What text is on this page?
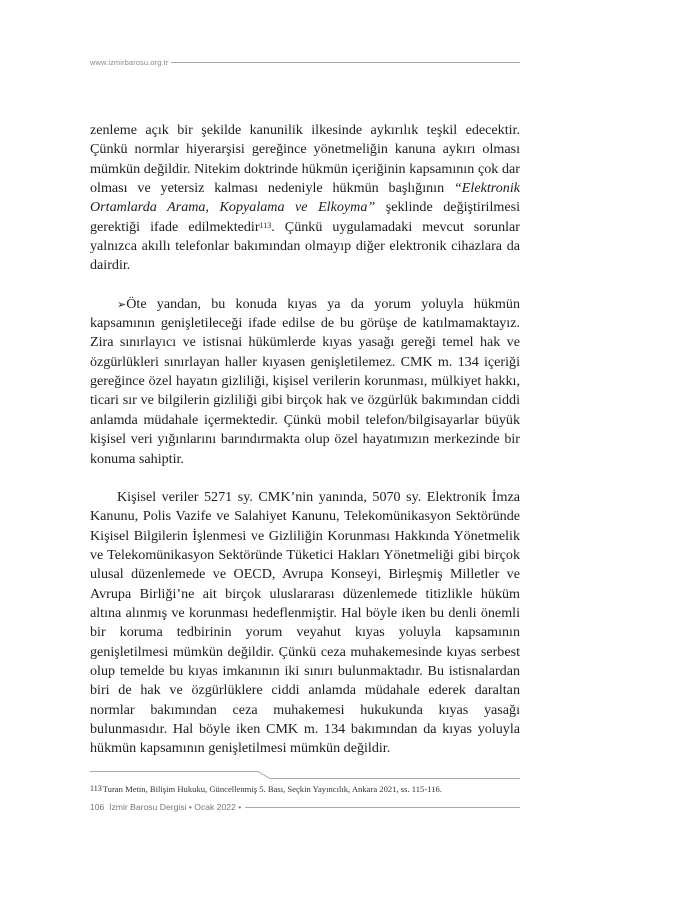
www.izmirbarosu.org.tr

zenleme açık bir şekilde kanunilik ilkesinde aykırılık teşkil edecektir. Çünkü normlar hiyerarşisi gereğince yönetmeliğin kanuna aykırı olması mümkün değildir. Nitekim doktrinde hükmün içeriğinin kapsamının çok dar olması ve yetersiz kalması nedeniyle hükmün başlığının “Elektronik Ortamlarda Arama, Kopyalama ve Elkoyma” şeklinde değiştirilmesi gerektiği ifade edilmektedir$^{113}$. Çünkü uygulamadaki mevcut sorunlar yalnızca akıllı telefonlar bakımından olmayıp diğer elektronik cihazlara da dairdir.

➢Öte yandan, bu konuda kıyas ya da yorum yoluyla hükmün kapsamının genişletileceği ifade edilse de bu görüşe de katılmamaktayız. Zira sınırlayıcı ve istisnai hükümlerde kıyas yasağı gereği temel hak ve özgürlükleri sınırlayan haller kıyasen genişletilemez. CMK m. 134 içeriği gereğince özel hayatın gizliliği, kişisel verilerin korunması, mülkiyet hakkı, ticari sır ve bilgilerin gizliliği gibi birçok hak ve özgürlük bakımından ciddi anlamda müdahale içermektedir. Çünkü mobil telefon/bilgisayarlar büyük kişisel veri yığınlarını barındırmakta olup özel hayatımızın merkezinde bir konuma sahiptir.

Kişisel veriler 5271 sy. CMK’nin yanında, 5070 sy. Elektronik İmza Kanunu, Polis Vazife ve Salahiyet Kanunu, Telekomünikasyon Sektöründe Kişisel Bilgilerin İşlenmesi ve Gizliliğin Korunması Hakkında Yönetmelik ve Telekomünikasyon Sektöründe Tüketici Hakları Yönetmeliği gibi birçok ulusal düzenlemede ve OECD, Avrupa Konseyi, Birleşmiş Milletler ve Avrupa Birliği’ne ait birçok uluslararası düzenlemede titizlikle hüküm altına alınmış ve korunması hedeflenmiştir. Hal böyle iken bu denli önemli bir koruma tedbirinin yorum veyahut kıyas yoluyla kapsamının genişletilmesi mümkün değildir. Çünkü ceza muhakemesinde kıyas serbest olup temelde bu kıyas imkanının iki sınırı bulunmaktadır. Bu istisnalardan biri de hak ve özgürlüklere ciddi anlamda müdahale ederek daraltan normlar bakımından ceza muhakemesi hukukunda kıyas yasağı bulunmasıdır. Hal böyle iken CMK m. 134 bakımından da kıyas yoluyla hükmün kapsamının genişletilmesi mümkün değildir.

113Turan Metin, Bilişim Hukuku, Güncellenmiş 5. Bası, Seçkin Yayıncılık, Ankara 2021, ss. 115-116.
106 İzmir Barosu Dergisi • Ocak 2022 •
